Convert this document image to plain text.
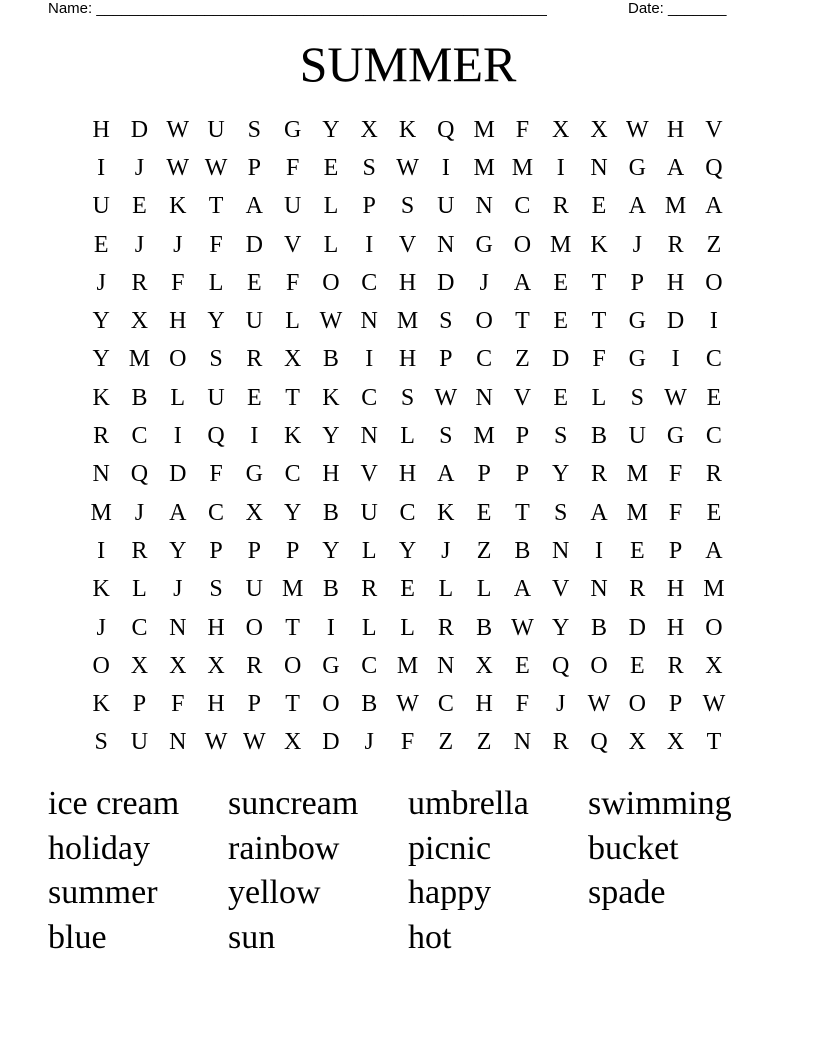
Name: ______________________________________________________	Date: _______
SUMMER
H D W U S G Y X K Q M F X X W H V
I	J W W P	F	E	S W I M M I	N G A Q
U E K T A U L	P	S U N C R E A M A
E	J	J	F D V L	I	V N G O M K	J	R Z
J	R F	L E	F O C H D	J	A E T	P H O
Y X H Y U L W N M S O T E T G D	I
Y M O S R X B	I	H P C Z D F G	I	C
K B L U E T K C S W N V E L	S W E
R C	I	Q	I	K Y N L	S M P	S B U G C
N Q D F G C H V H A P	P Y R M F R
M J	A C X Y B U C K E T	S A M F	E
I	R Y P	P	P Y L Y	J	Z B N	I	E	P A
K L	J	S U M B R E L L A V N R H M
J	C N H O T	I	L L R B W Y B D H O
O X X X R O G C M N X E Q O E R X
K P	F H P	T O B W C H F	J W O P W
S U N W W X D	J	F	Z Z N R Q X X T
ice cream	suncream	umbrella	swimming
holiday	rainbow	picnic	bucket
summer	yellow	happy	spade
blue	sun	hot
